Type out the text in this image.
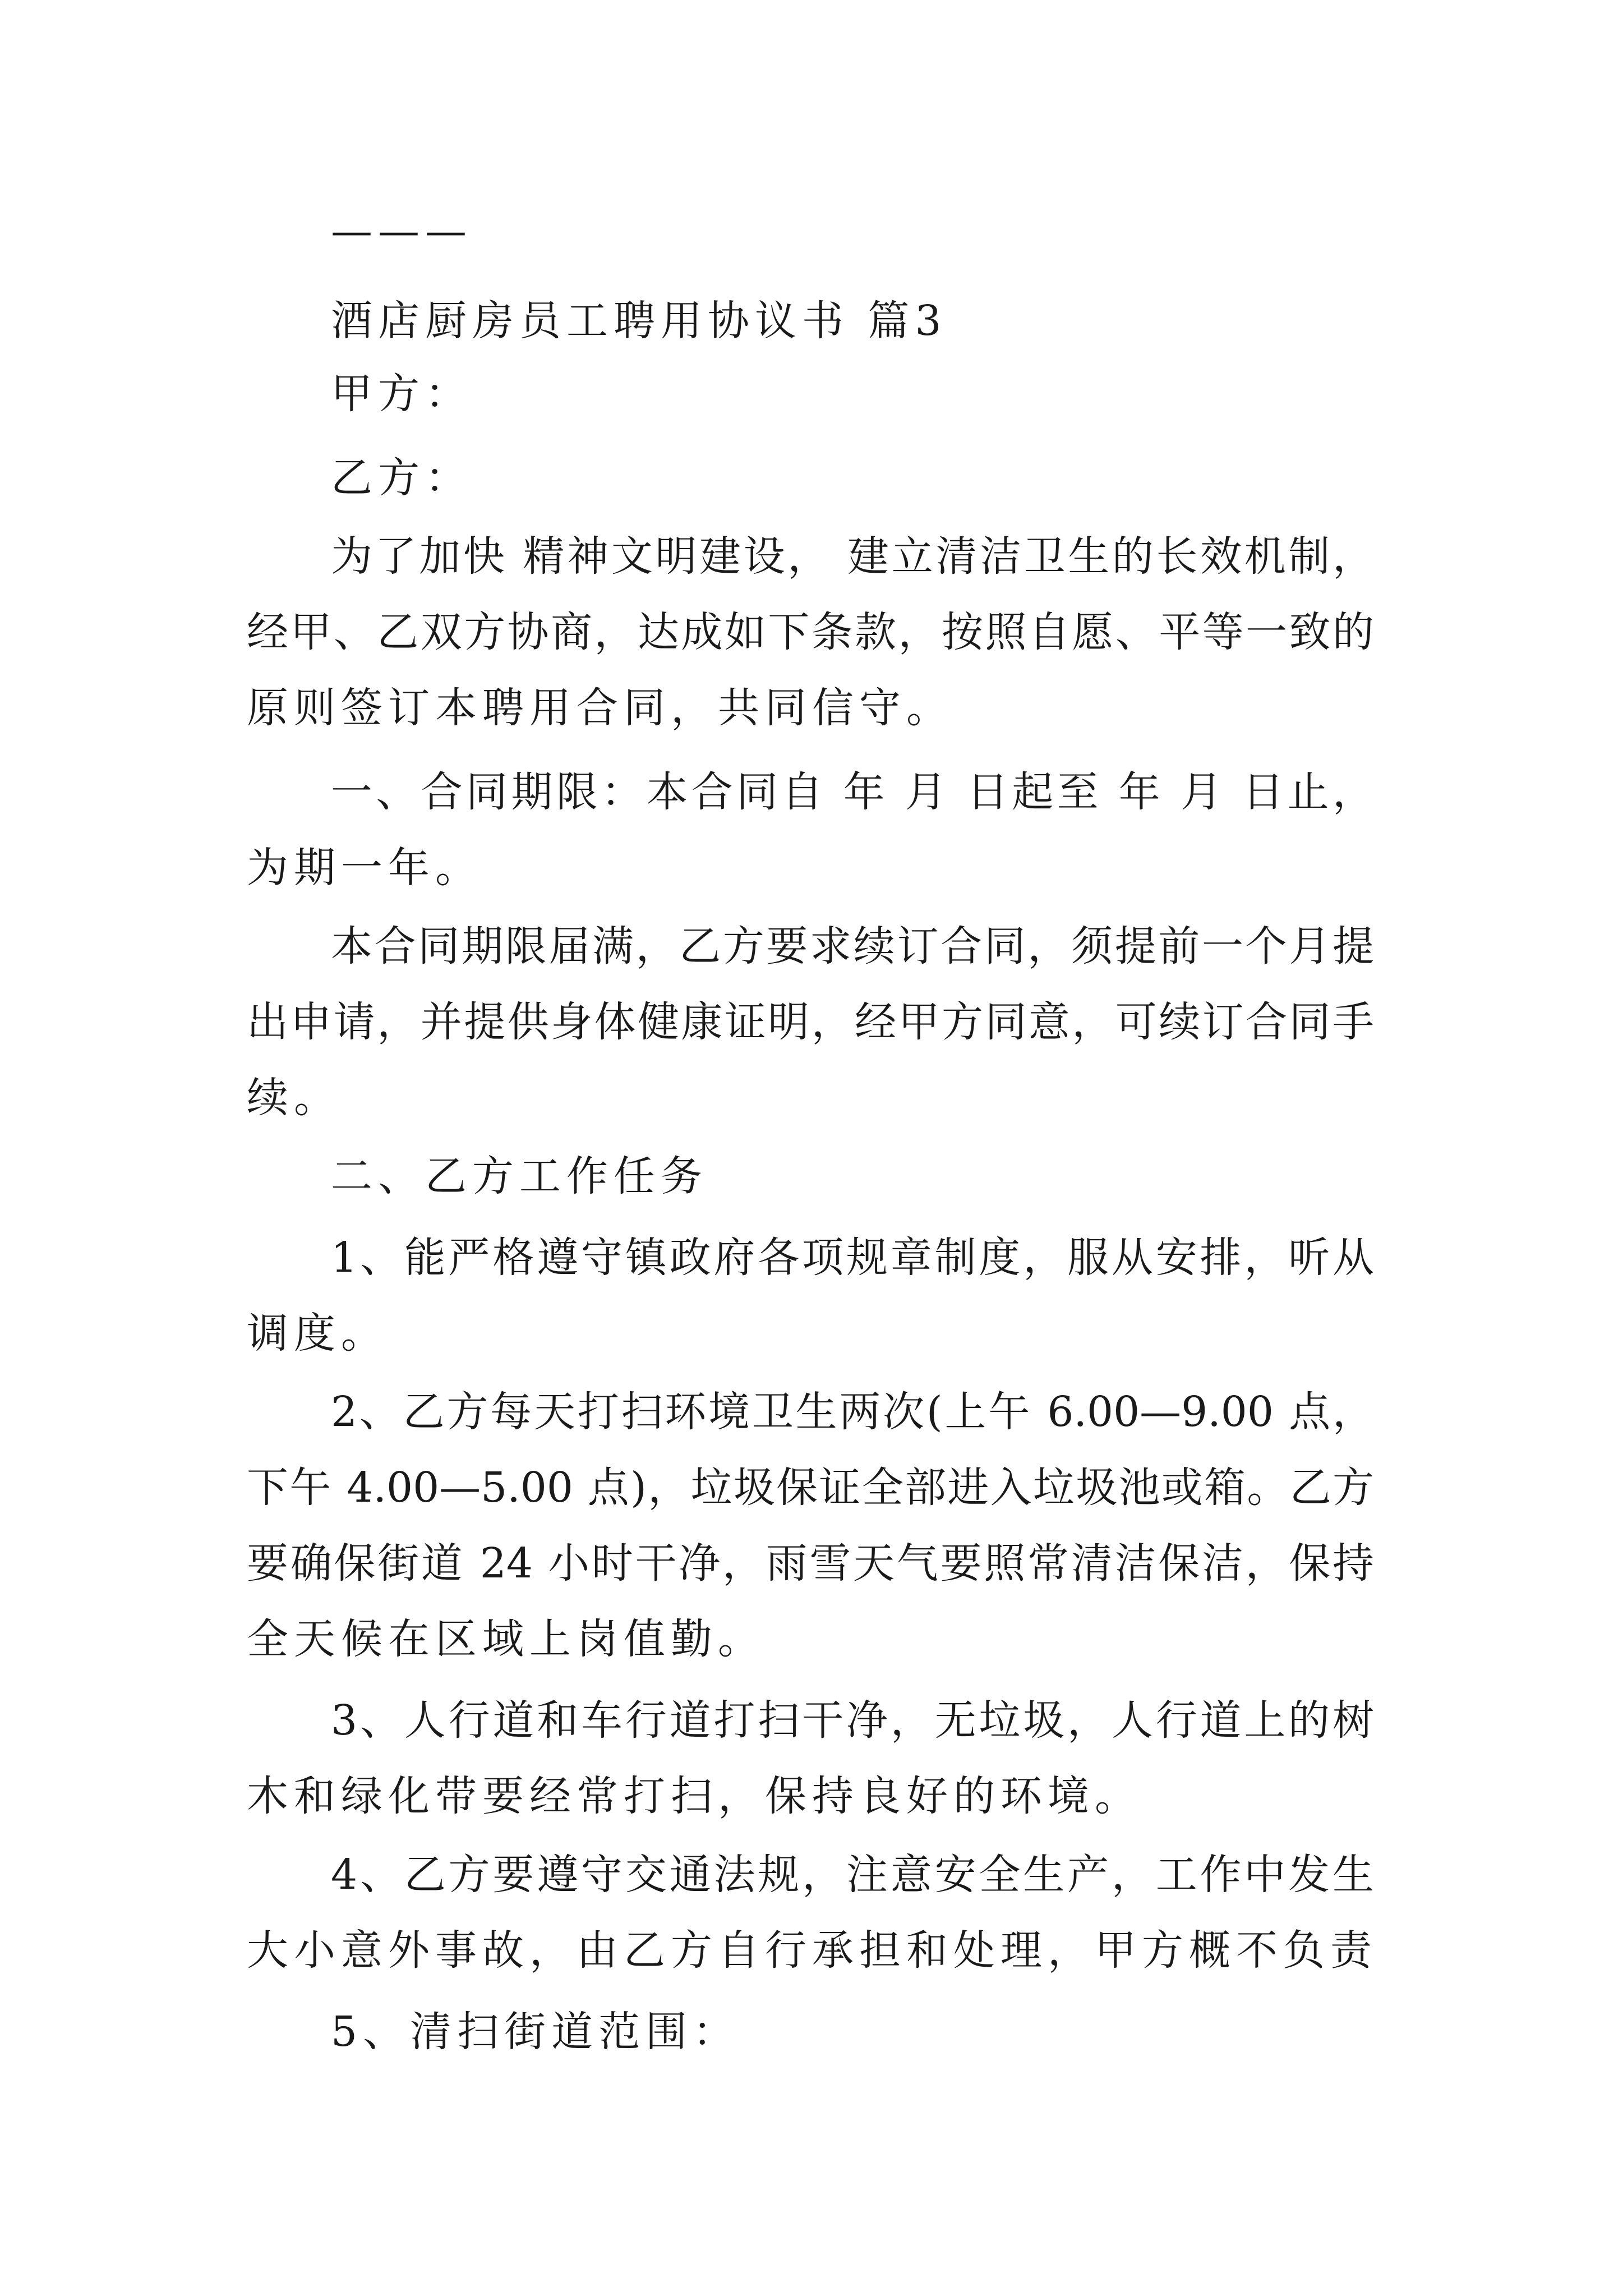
———
酒店厨房员工聘用协议书 篇3
甲方：
乙方：
为了加快 精神文明建设， 建立清洁卫生的长效机制，
经甲、乙双方协商，达成如下条款，按照自愿、平等一致的
原则签订本聘用合同，共同信守。
一、合同期限：本合同自 年 月 日起至 年 月 日止，
为期一年。
本合同期限届满，乙方要求续订合同，须提前一个月提
出申请，并提供身体健康证明，经甲方同意，可续订合同手
续。
二、乙方工作任务
1、能严格遵守镇政府各项规章制度，服从安排，听从
调度。
2、乙方每天打扫环境卫生两次(上午 6.00—9.00 点，
下午 4.00—5.00 点)，垃圾保证全部进入垃圾池或箱。乙方
要确保街道 24 小时干净，雨雪天气要照常清洁保洁，保持
全天候在区域上岗值勤。
3、人行道和车行道打扫干净，无垃圾，人行道上的树
木和绿化带要经常打扫，保持良好的环境。
4、乙方要遵守交通法规，注意安全生产，工作中发生
大小意外事故，由乙方自行承担和处理，甲方概不负责
5、清扫街道范围：
